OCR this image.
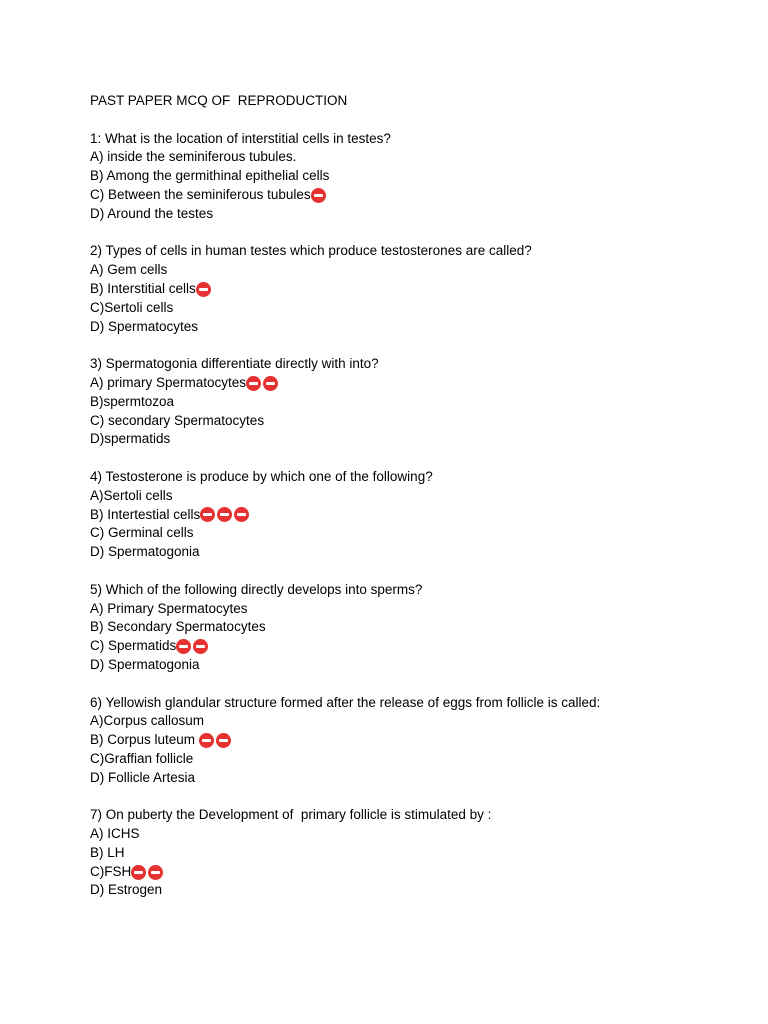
PAST PAPER MCQ OF  REPRODUCTION
1: What is the location of interstitial cells in testes?
A) inside the seminiferous tubules.
B) Among the germithinal epithelial cells
C) Between the seminiferous tubules
D) Around the testes
2) Types of cells in human testes which produce testosterones are called?
A) Gem cells
B) Interstitial cells
C)Sertoli cells
D) Spermatocytes
3) Spermatogonia differentiate directly with into?
A) primary Spermatocytes
B)spermtozoa
C) secondary Spermatocytes
D)spermatids
4) Testosterone is produce by which one of the following?
A)Sertoli cells
B) Intertestial cells
C) Germinal cells
D) Spermatogonia
5) Which of the following directly develops into sperms?
A) Primary Spermatocytes
B) Secondary Spermatocytes
C) Spermatids
D) Spermatogonia
6) Yellowish glandular structure formed after the release of eggs from follicle is called:
A)Corpus callosum
B) Corpus luteum
C)Graffian follicle
D) Follicle Artesia
7) On puberty the Development of  primary follicle is stimulated by :
A) ICHS
B) LH
C)FSH
D) Estrogen
